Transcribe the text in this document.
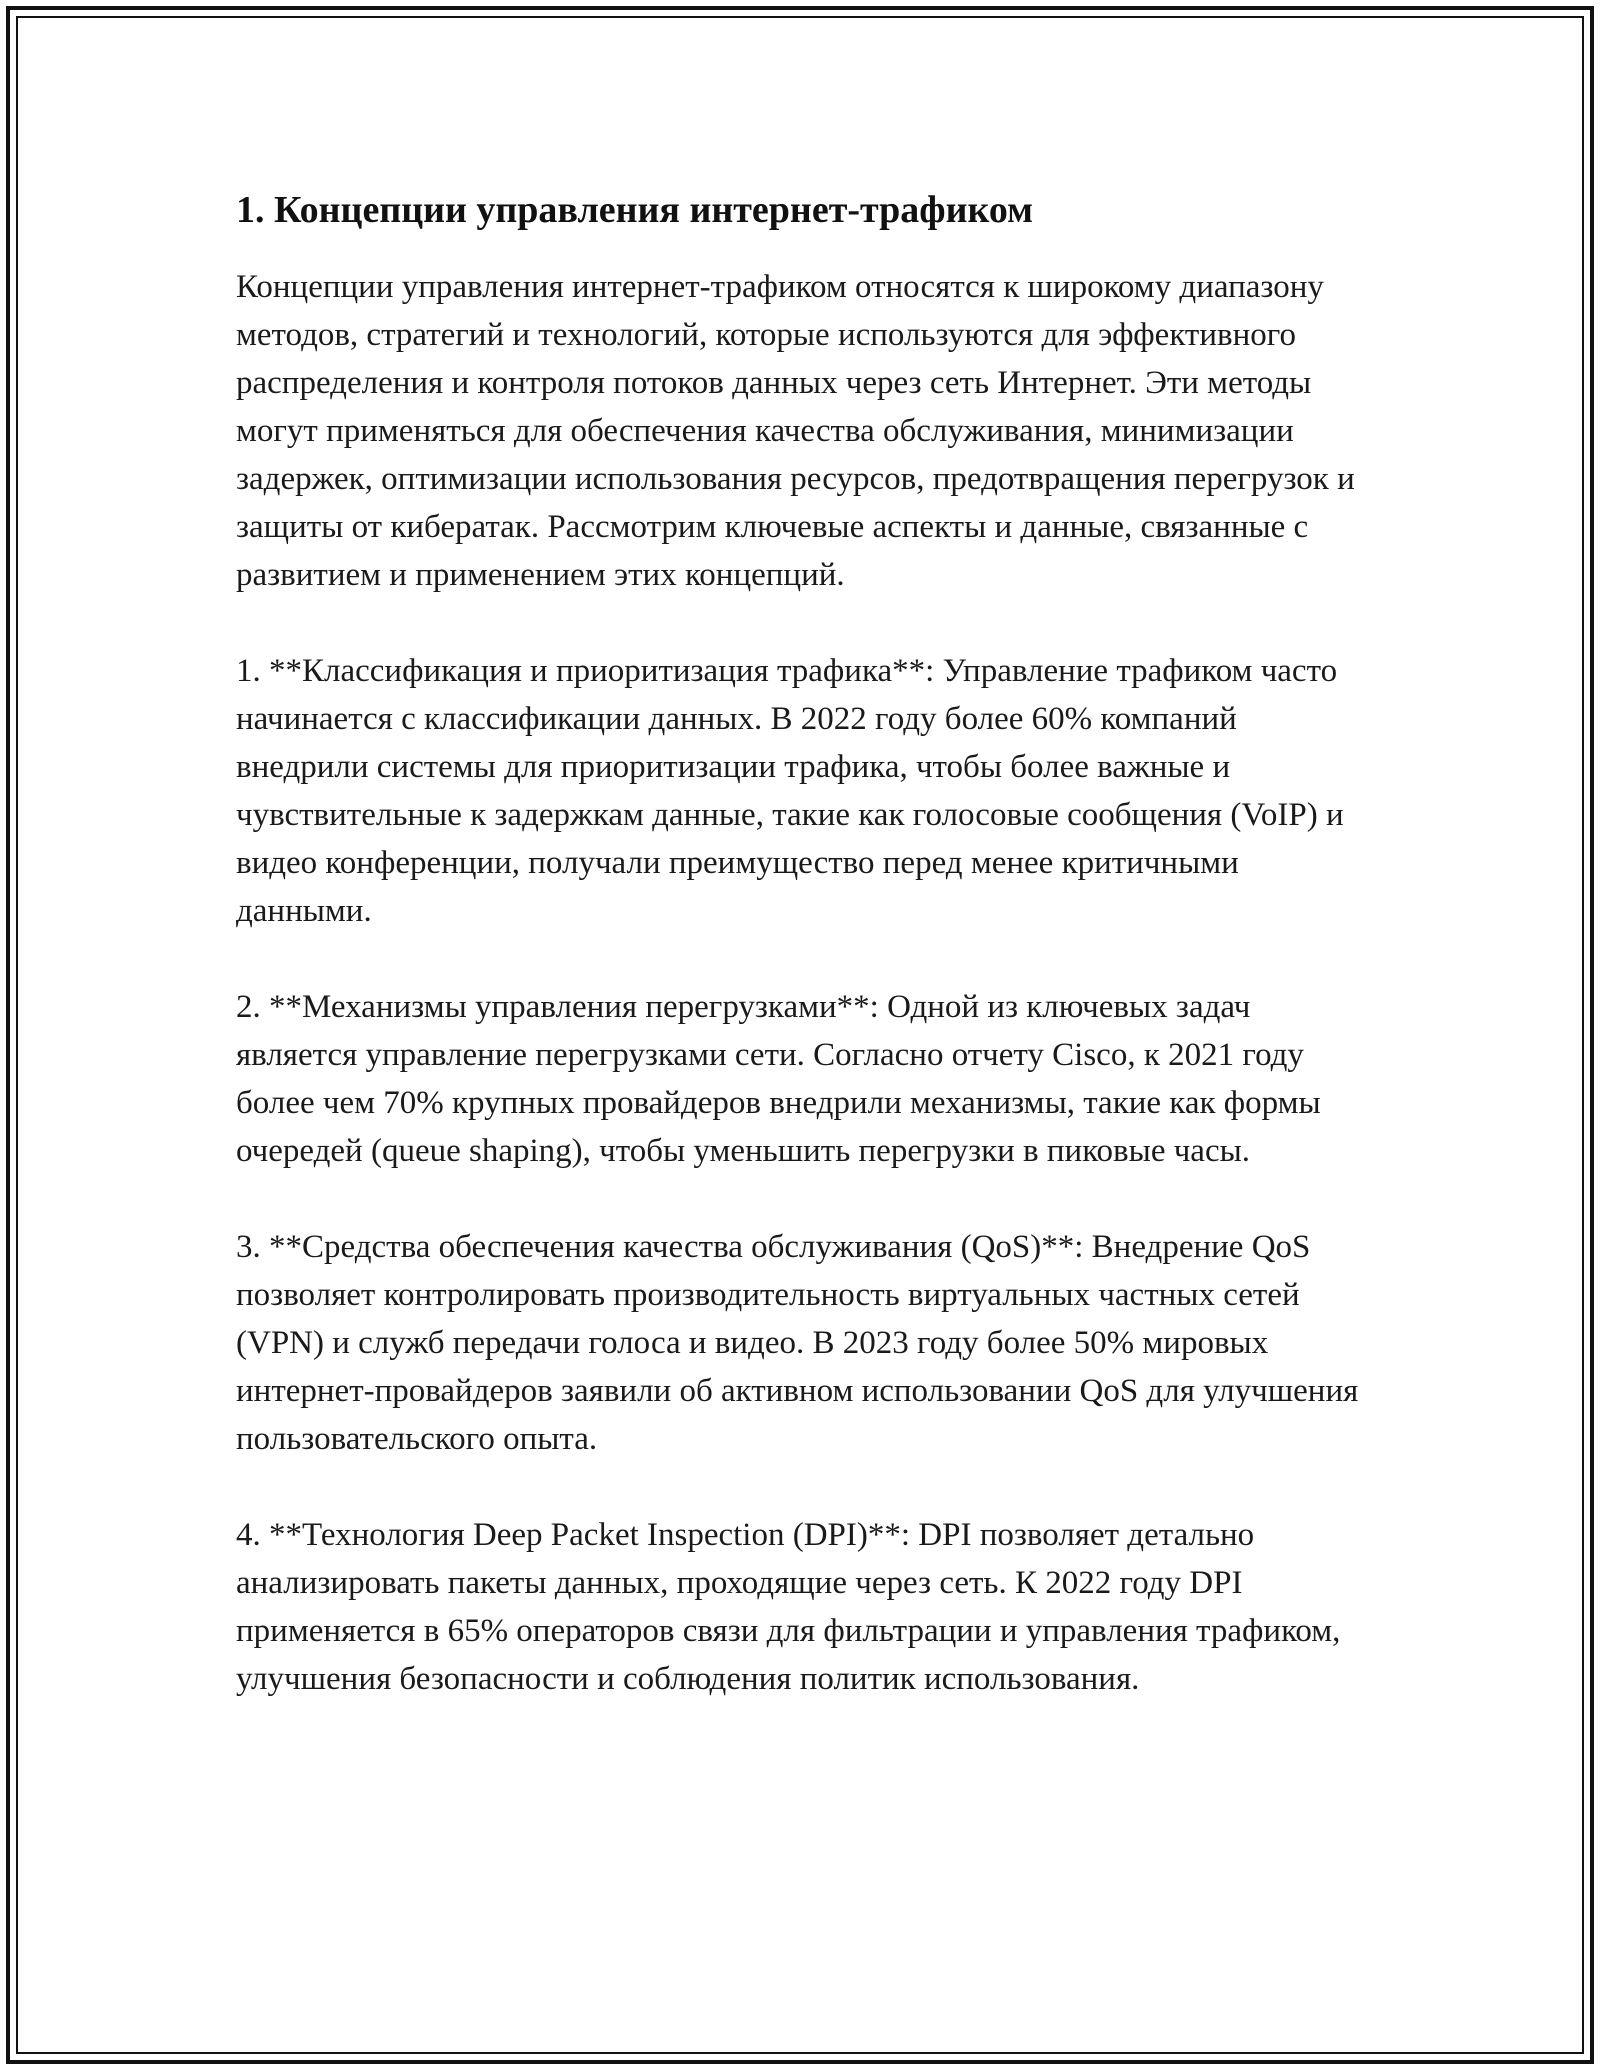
1. Концепции управления интернет-трафиком

Концепции управления интернет-трафиком относятся к широкому диапазону методов, стратегий и технологий, которые используются для эффективного распределения и контроля потоков данных через сеть Интернет. Эти методы могут применяться для обеспечения качества обслуживания, минимизации задержек, оптимизации использования ресурсов, предотвращения перегрузок и защиты от кибератак. Рассмотрим ключевые аспекты и данные, связанные с развитием и применением этих концепций.

1. **Классификация и приоритизация трафика**: Управление трафиком часто начинается с классификации данных. В 2022 году более 60% компаний внедрили системы для приоритизации трафика, чтобы более важные и чувствительные к задержкам данные, такие как голосовые сообщения (VoIP) и видео конференции, получали преимущество перед менее критичными данными.

2. **Механизмы управления перегрузками**: Одной из ключевых задач является управление перегрузками сети. Согласно отчету Cisco, к 2021 году более чем 70% крупных провайдеров внедрили механизмы, такие как формы очередей (queue shaping), чтобы уменьшить перегрузки в пиковые часы.

3. **Средства обеспечения качества обслуживания (QoS)**: Внедрение QoS позволяет контролировать производительность виртуальных частных сетей (VPN) и служб передачи голоса и видео. В 2023 году более 50% мировых интернет-провайдеров заявили об активном использовании QoS для улучшения пользовательского опыта.

4. **Технология Deep Packet Inspection (DPI)**: DPI позволяет детально анализировать пакеты данных, проходящие через сеть. К 2022 году DPI применяется в 65% операторов связи для фильтрации и управления трафиком, улучшения безопасности и соблюдения политик использования.
